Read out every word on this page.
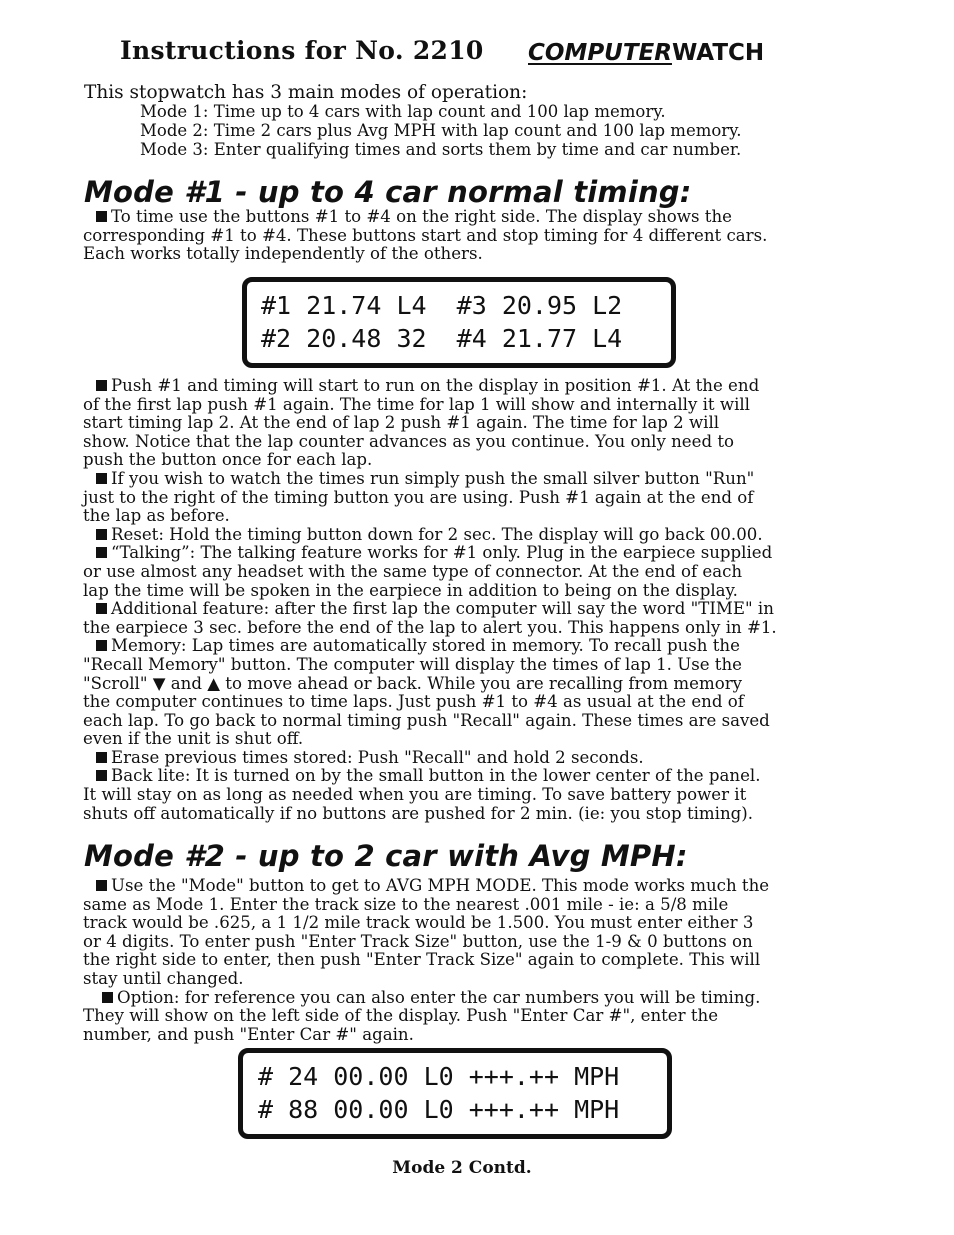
Instructions for No. 2210 COMPUTERWATCH
This stopwatch has 3 main modes of operation:
Mode 1: Time up to 4 cars with lap count and 100 lap memory.
Mode 2: Time 2 cars plus Avg MPH with lap count and 100 lap memory.
Mode 3: Enter qualifying times and sorts them by time and car number.
Mode #1 - up to 4 car normal timing:

To time use the buttons #1 to #4 on the right side. The display shows the

corresponding #1 to #4. These buttons start and stop timing for 4 different cars.

Each works totally independently of the others.

#1 21.74 L4  #3 20.95 L2
#2 20.48 32  #4 21.77 L4

Push #1 and timing will start to run on the display in position #1. At the end

of the first lap push #1 again. The time for lap 1 will show and internally it will

start timing lap 2. At the end of lap 2 push #1 again. The time for lap 2 will

show. Notice that the lap counter advances as you continue. You only need to

push the button once for each lap.

If you wish to watch the times run simply push the small silver button "Run"

just to the right of the timing button you are using. Push #1 again at the end of

the lap as before.

Reset: Hold the timing button down for 2 sec. The display will go back 00.00.

“Talking”: The talking feature works for #1 only. Plug in the earpiece supplied

or use almost any headset with the same type of connector. At the end of each

lap the time will be spoken in the earpiece in addition to being on the display.

Additional feature: after the first lap the computer will say the word "TIME" in

the earpiece 3 sec. before the end of the lap to alert you. This happens only in #1.

Memory: Lap times are automatically stored in memory. To recall push the

"Recall Memory" button. The computer will display the times of lap 1. Use the

"Scroll" ▼ and ▲ to move ahead or back. While you are recalling from memory

the computer continues to time laps. Just push #1 to #4 as usual at the end of

each lap. To go back to normal timing push "Recall" again. These times are saved

even if the unit is shut off.

Erase previous times stored: Push "Recall" and hold 2 seconds.

Back lite: It is turned on by the small button in the lower center of the panel.

It will stay on as long as needed when you are timing. To save battery power it

shuts off automatically if no buttons are pushed for 2 min. (ie: you stop timing).

Mode #2 - up to 2 car with Avg MPH:

Use the "Mode" button to get to AVG MPH MODE. This mode works much the

same as Mode 1. Enter the track size to the nearest .001 mile - ie: a 5/8 mile

track would be .625, a 1 1/2 mile track would be 1.500. You must enter either 3

or 4 digits. To enter push "Enter Track Size" button, use the 1-9 & 0 buttons on

the right side to enter, then push "Enter Track Size" again to complete. This will

stay until changed.

Option: for reference you can also enter the car numbers you will be timing.

They will show on the left side of the display. Push "Enter Car #", enter the

number, and push "Enter Car #" again.

# 24 00.00 L0 +++.++ MPH
# 88 00.00 L0 +++.++ MPH
Mode 2 Contd.
